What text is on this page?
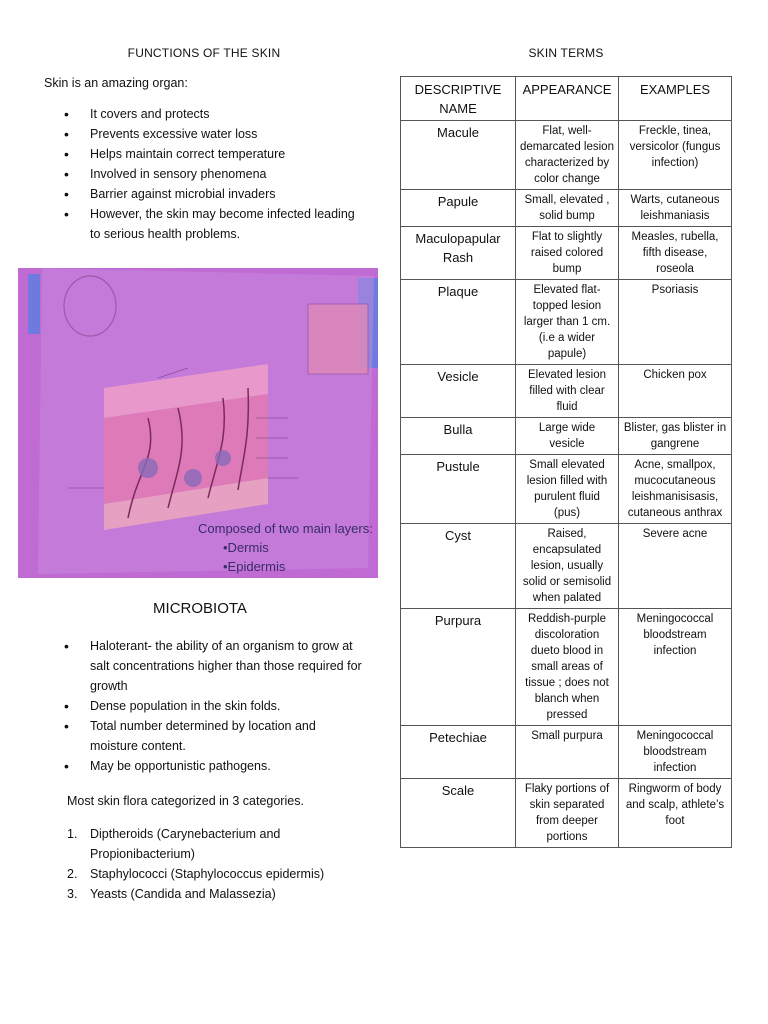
FUNCTIONS OF THE SKIN
Skin is an amazing organ:
• It covers and protects
• Prevents excessive water loss
• Helps maintain correct temperature
• Involved in sensory phenomena
• Barrier against microbial invaders
• However, the skin may become infected leading to serious health problems.
Composed of two main layers:
•Dermis
•Epidermis
MICROBIOTA
• Haloterant- the ability of an organism to grow at salt concentrations higher than those required for growth
• Dense population in the skin folds.
• Total number determined by location and moisture content.
• May be opportunistic pathogens.
Most skin flora categorized in 3 categories.
1.	Diptheroids (Carynebacterium and Propionibacterium)
2.	Staphylococci (Staphylococcus epidermis)
3.	Yeasts (Candida and Malassezia)
SKIN TERMS
DESCRIPTIVE NAME	APPEARANCE	EXAMPLES
Macule	Flat, well-demarcated lesion characterized by color change	Freckle, tinea, versicolor (fungus infection)
Papule	Small, elevated , solid bump	Warts, cutaneous leishmaniasis
Maculopapular Rash	Flat to slightly raised colored bump	Measles, rubella, fifth disease, roseola
Plaque	Elevated flat-topped lesion larger than 1 cm. (i.e a wider papule)	Psoriasis
Vesicle	Elevated lesion filled with clear fluid	Chicken pox
Bulla	Large wide vesicle	Blister, gas blister in gangrene
Pustule	Small elevated lesion filled with purulent fluid (pus)	Acne, smallpox, mucocutaneous leishmanisisasis, cutaneous anthrax
Cyst	Raised, encapsulated lesion, usually solid or semisolid when palated	Severe acne
Purpura	Reddish-purple discoloration dueto blood in small areas of tissue ; does not blanch when pressed	Meningococcal bloodstream infection
Petechiae	Small purpura	Meningococcal bloodstream infection
Scale	Flaky portions of skin separated from deeper portions	Ringworm of body and scalp, athlete’s foot
